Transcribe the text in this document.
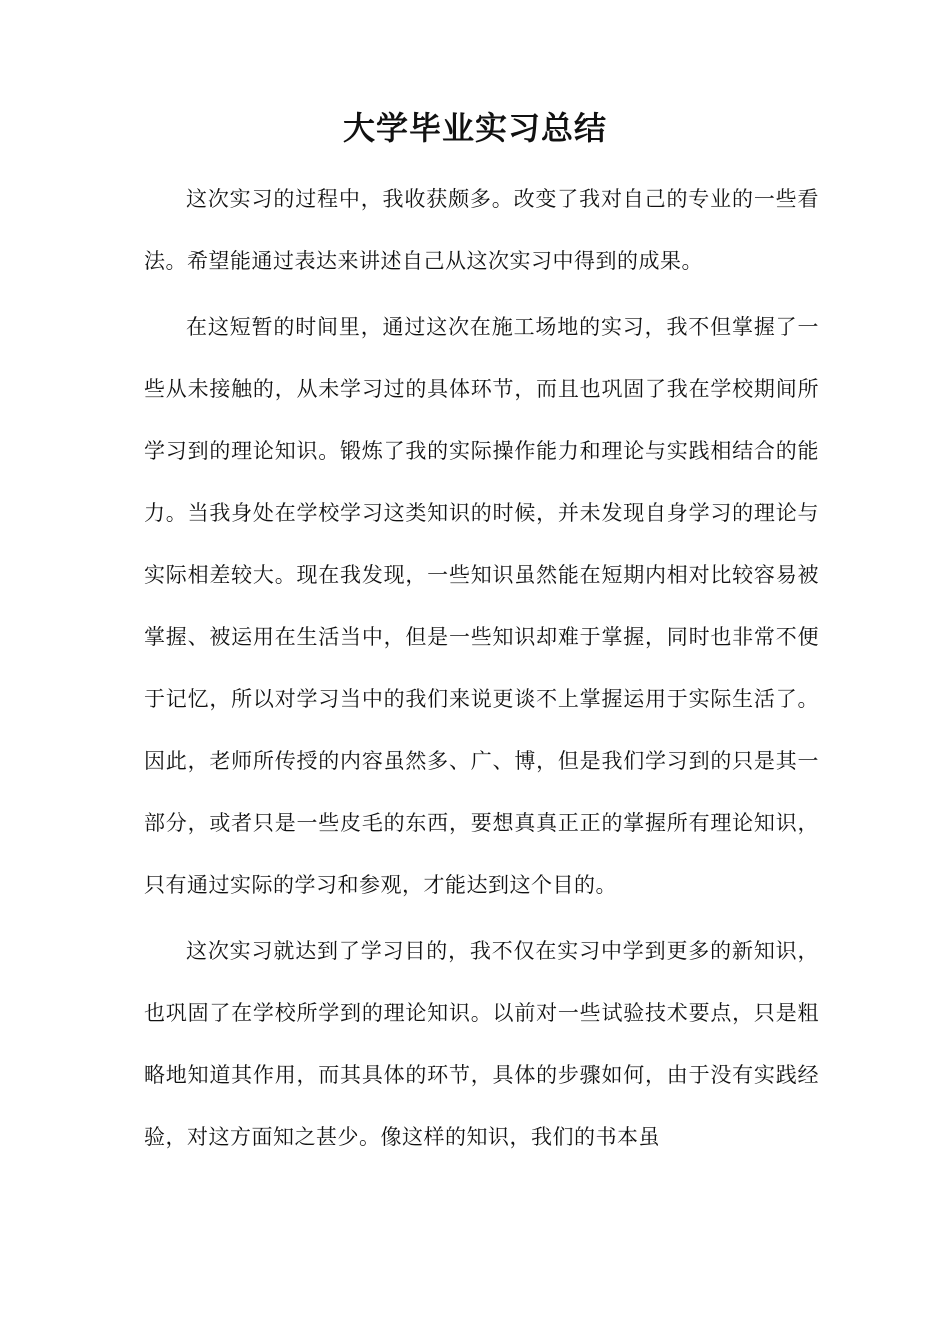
大学毕业实习总结

这次实习的过程中，我收获颇多。改变了我对自己的专业的一些看法。希望能通过表达来讲述自己从这次实习中得到的成果。

在这短暂的时间里，通过这次在施工场地的实习，我不但掌握了一些从未接触的，从未学习过的具体环节，而且也巩固了我在学校期间所学习到的理论知识。锻炼了我的实际操作能力和理论与实践相结合的能力。当我身处在学校学习这类知识的时候，并未发现自身学习的理论与实际相差较大。现在我发现，一些知识虽然能在短期内相对比较容易被掌握、被运用在生活当中，但是一些知识却难于掌握，同时也非常不便于记忆，所以对学习当中的我们来说更谈不上掌握运用于实际生活了。因此，老师所传授的内容虽然多、广、博，但是我们学习到的只是其一部分，或者只是一些皮毛的东西，要想真真正正的掌握所有理论知识，只有通过实际的学习和参观，才能达到这个目的。

这次实习就达到了学习目的，我不仅在实习中学到更多的新知识，也巩固了在学校所学到的理论知识。以前对一些试验技术要点，只是粗略地知道其作用，而其具体的环节，具体的步骤如何，由于没有实践经验，对这方面知之甚少。像这样的知识，我们的书本虽
